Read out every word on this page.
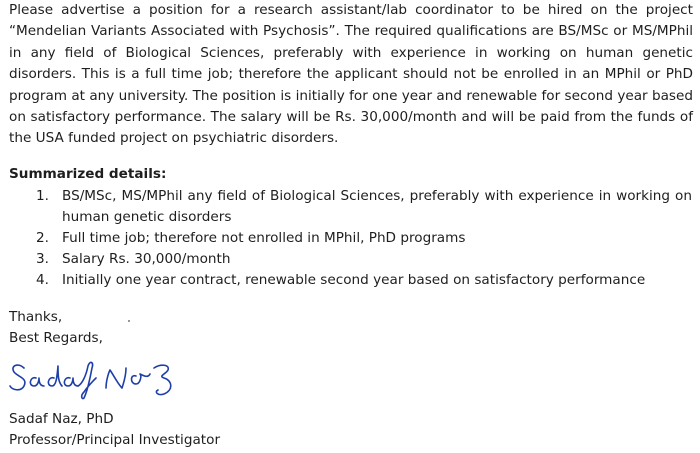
Please advertise a position for a research assistant/lab coordinator to be hired on the project “Mendelian Variants Associated with Psychosis”. The required qualifications are BS/MSc or MS/MPhil in any field of Biological Sciences, preferably with experience in working on human genetic disorders. This is a full time job; therefore the applicant should not be enrolled in an MPhil or PhD program at any university. The position is initially for one year and renewable for second year based on satisfactory performance. The salary will be Rs. 30,000/month and will be paid from the funds of the USA funded project on psychiatric disorders.

Summarized details:
1. BS/MSc, MS/MPhil any field of Biological Sciences, preferably with experience in working on human genetic disorders
2. Full time job; therefore not enrolled in MPhil, PhD programs
3. Salary Rs. 30,000/month
4. Initially one year contract, renewable second year based on satisfactory performance
Thanks,
Best Regards,
Sadaf Naz, PhD
Professor/Principal Investigator
